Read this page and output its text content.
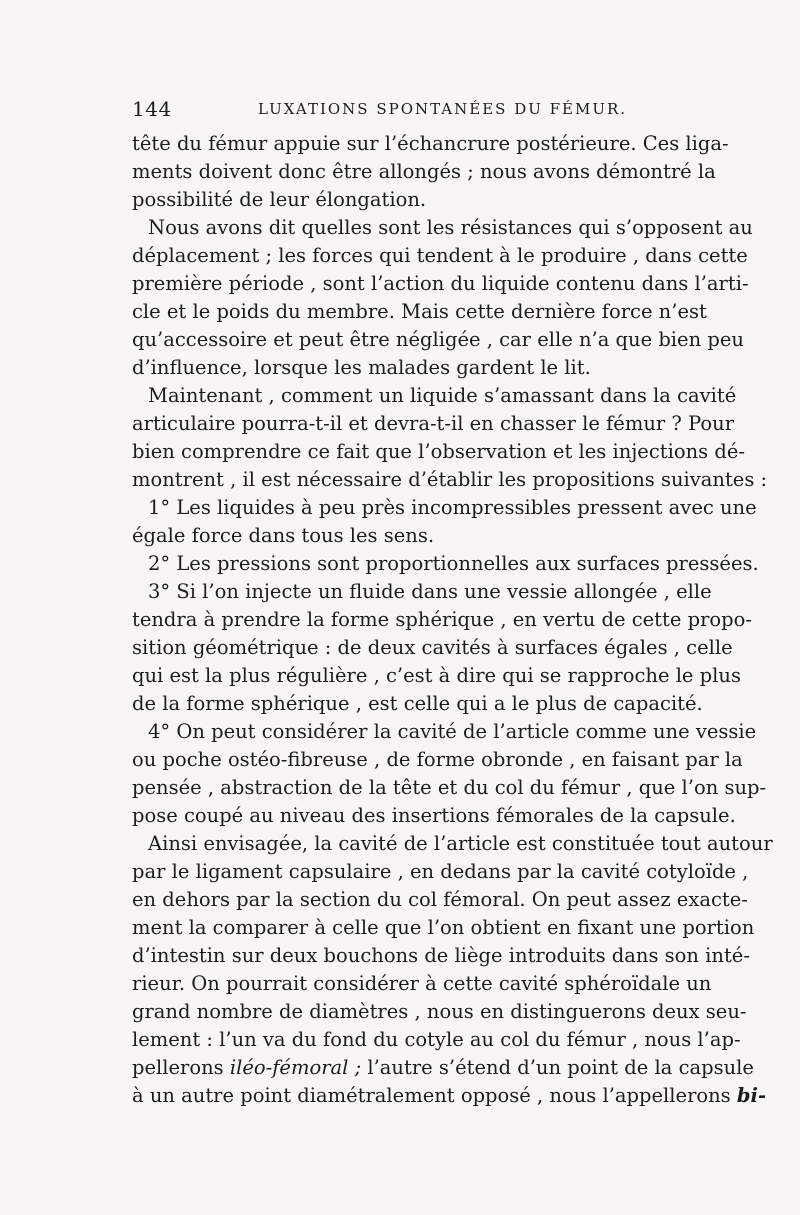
144	LUXATIONS SPONTANÉES DU FÉMUR.
tête du fémur appuie sur l’échancrure postérieure. Ces liga-
ments doivent donc être allongés ; nous avons démontré la
possibilité de leur élongation.
Nous avons dit quelles sont les résistances qui s’opposent au
déplacement ; les forces qui tendent à le produire , dans cette
première période , sont l’action du liquide contenu dans l’arti-
cle et le poids du membre. Mais cette dernière force n’est
qu’accessoire et peut être négligée , car elle n’a que bien peu
d’influence, lorsque les malades gardent le lit.
Maintenant , comment un liquide s’amassant dans la cavité
articulaire pourra-t-il et devra-t-il en chasser le fémur ? Pour
bien comprendre ce fait que l’observation et les injections dé-
montrent , il est nécessaire d’établir les propositions suivantes :
1° Les liquides à peu près incompressibles pressent avec une
égale force dans tous les sens.
2° Les pressions sont proportionnelles aux surfaces pressées.
3° Si l’on injecte un fluide dans une vessie allongée , elle
tendra à prendre la forme sphérique , en vertu de cette propo-
sition géométrique : de deux cavités à surfaces égales , celle
qui est la plus régulière , c’est à dire qui se rapproche le plus
de la forme sphérique , est celle qui a le plus de capacité.
4° On peut considérer la cavité de l’article comme une vessie
ou poche ostéo-fibreuse , de forme obronde , en faisant par la
pensée , abstraction de la tête et du col du fémur , que l’on sup-
pose coupé au niveau des insertions fémorales de la capsule.
Ainsi envisagée, la cavité de l’article est constituée tout autour
par le ligament capsulaire , en dedans par la cavité cotyloïde ,
en dehors par la section du col fémoral. On peut assez exacte-
ment la comparer à celle que l’on obtient en fixant une portion
d’intestin sur deux bouchons de liège introduits dans son inté-
rieur. On pourrait considérer à cette cavité sphéroïdale un
grand nombre de diamètres , nous en distinguerons deux seu-
lement : l’un va du fond du cotyle au col du fémur , nous l’ap-
pellerons iléo-fémoral ; l’autre s’étend d’un point de la capsule
à un autre point diamétralement opposé , nous l’appellerons bi-
